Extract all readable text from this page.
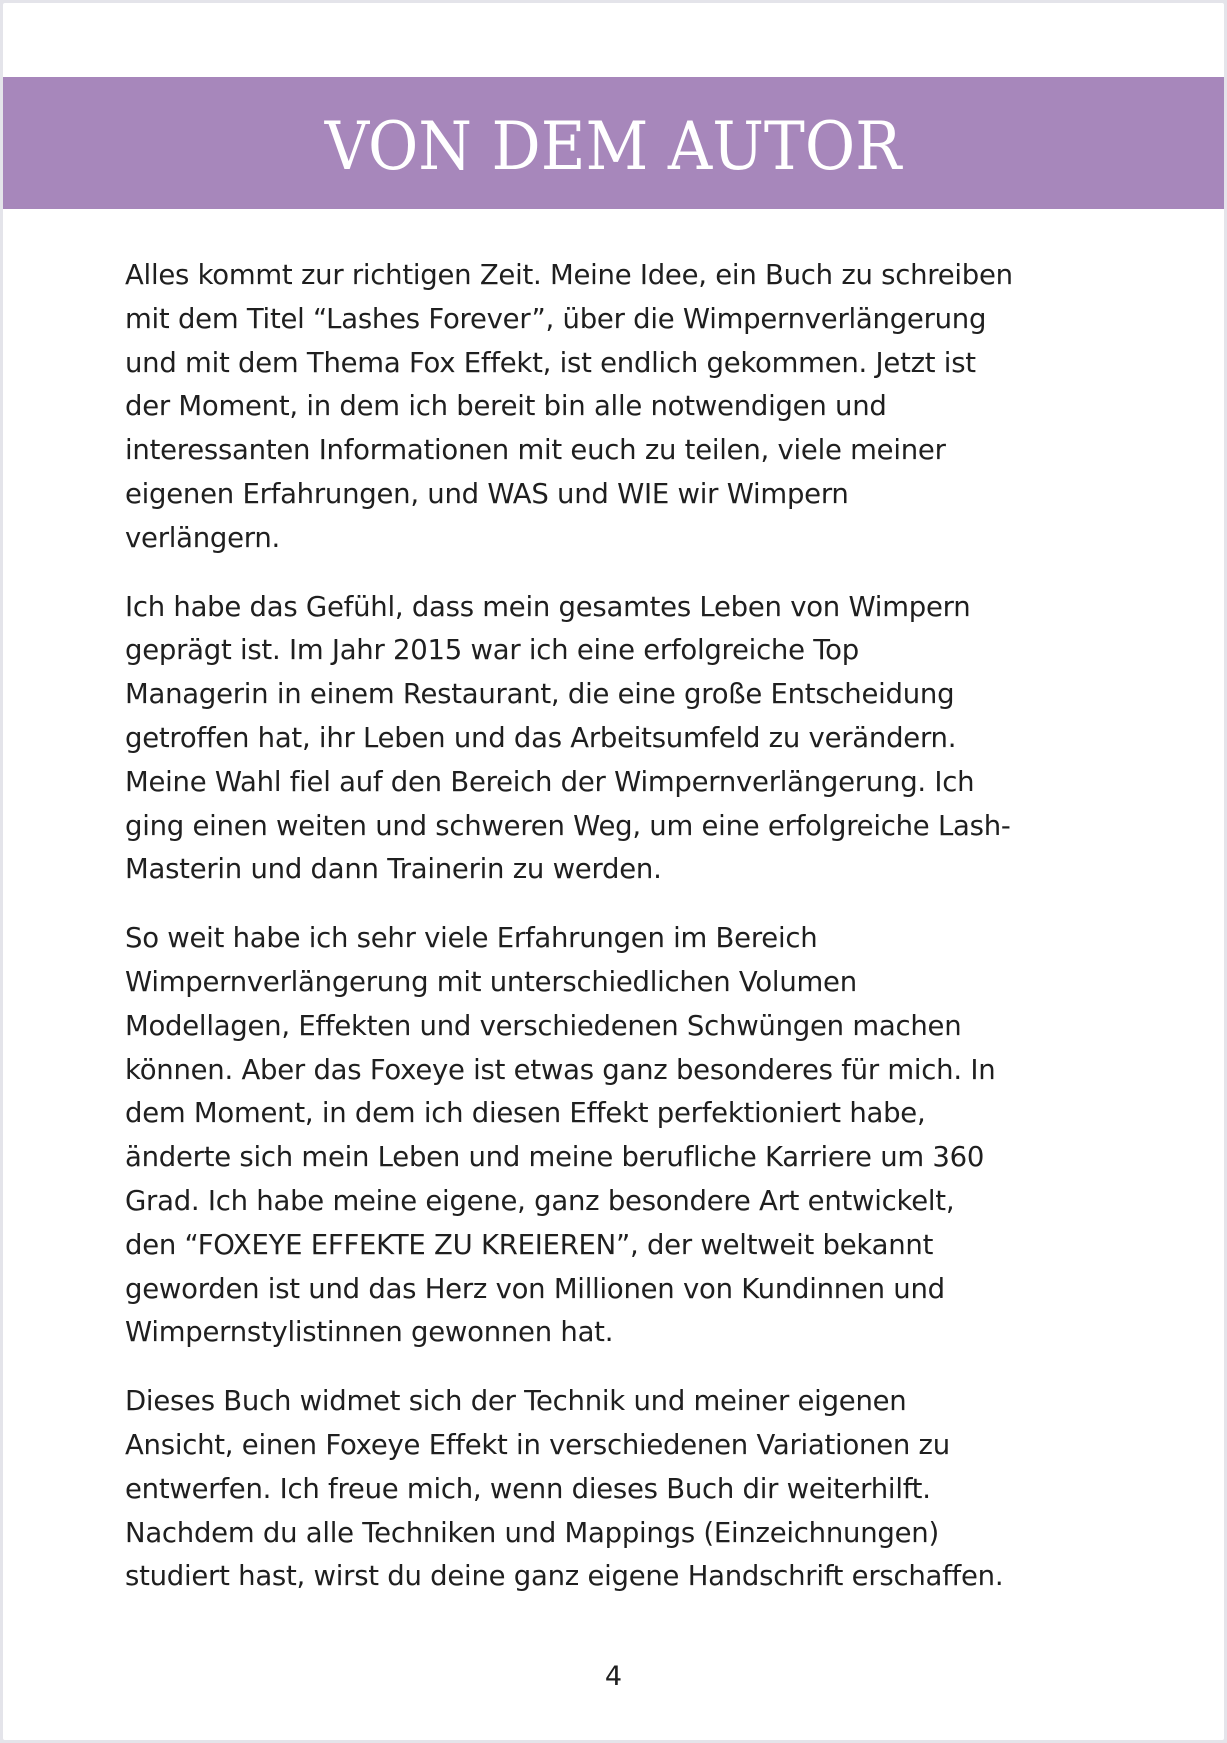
VON DEM AUTOR

Alles kommt zur richtigen Zeit. Meine Idee, ein Buch zu schreiben
mit dem Titel “Lashes Forever”, über die Wimpernverlängerung
und mit dem Thema Fox Effekt, ist endlich gekommen. Jetzt ist
der Moment, in dem ich bereit bin alle notwendigen und
interessanten Informationen mit euch zu teilen, viele meiner
eigenen Erfahrungen, und WAS und WIE wir Wimpern
verlängern.

Ich habe das Gefühl, dass mein gesamtes Leben von Wimpern
geprägt ist. Im Jahr 2015 war ich eine erfolgreiche Top
Managerin in einem Restaurant, die eine große Entscheidung
getroffen hat, ihr Leben und das Arbeitsumfeld zu verändern.
Meine Wahl fiel auf den Bereich der Wimpernverlängerung. Ich
ging einen weiten und schweren Weg, um eine erfolgreiche Lash-
Masterin und dann Trainerin zu werden.

So weit habe ich sehr viele Erfahrungen im Bereich
Wimpernverlängerung mit unterschiedlichen Volumen
Modellagen, Effekten und verschiedenen Schwüngen machen
können. Aber das Foxeye ist etwas ganz besonderes für mich. In
dem Moment, in dem ich diesen Effekt perfektioniert habe,
änderte sich mein Leben und meine berufliche Karriere um 360
Grad. Ich habe meine eigene, ganz besondere Art entwickelt,
den “FOXEYE EFFEKTE ZU KREIEREN”, der weltweit bekannt
geworden ist und das Herz von Millionen von Kundinnen und
Wimpernstylistinnen gewonnen hat.

Dieses Buch widmet sich der Technik und meiner eigenen
Ansicht, einen Foxeye Effekt in verschiedenen Variationen zu
entwerfen. Ich freue mich, wenn dieses Buch dir weiterhilft.
Nachdem du alle Techniken und Mappings (Einzeichnungen)
studiert hast, wirst du deine ganz eigene Handschrift erschaffen.

4
